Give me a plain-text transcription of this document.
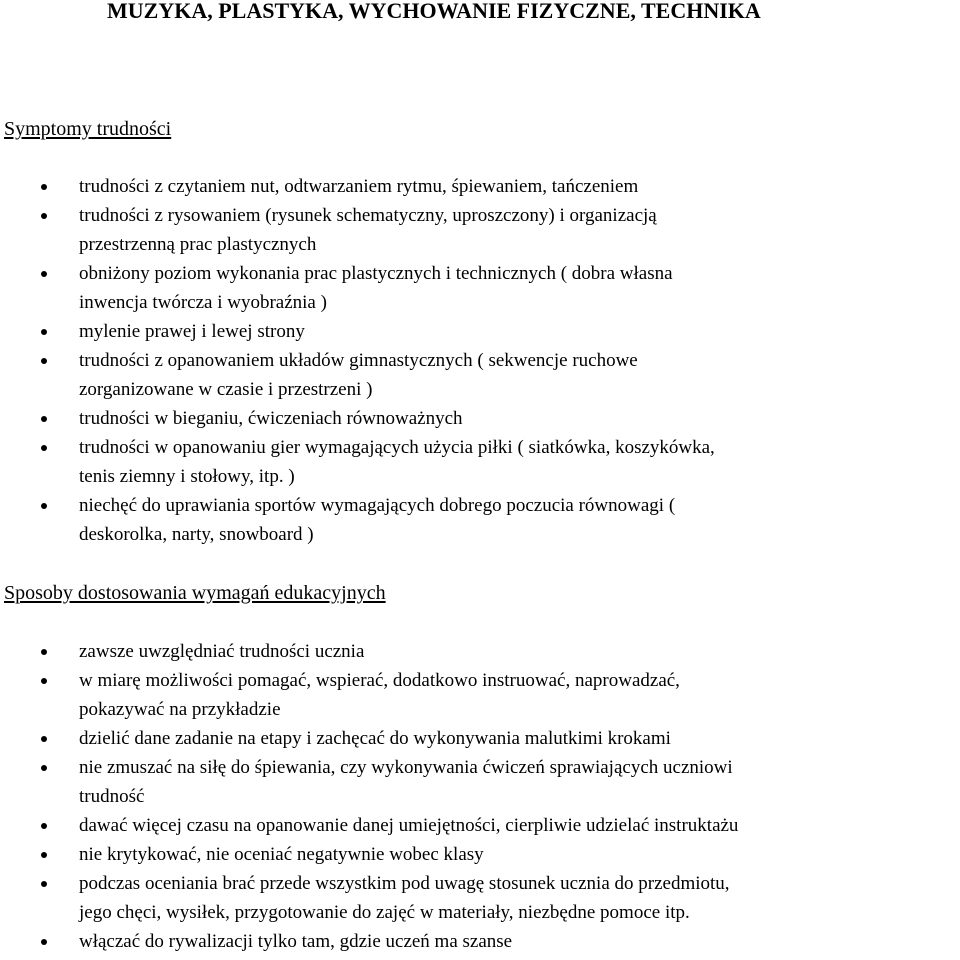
MUZYKA, PLASTYKA, WYCHOWANIE FIZYCZNE, TECHNIKA
Symptomy trudności
trudności z czytaniem nut, odtwarzaniem rytmu, śpiewaniem, tańczeniem
trudności z rysowaniem (rysunek schematyczny, uproszczony) i organizacją
przestrzenną prac plastycznych
obniżony poziom wykonania prac plastycznych i technicznych ( dobra własna
inwencja twórcza i wyobraźnia )
mylenie prawej i lewej strony
trudności z opanowaniem układów gimnastycznych ( sekwencje ruchowe
zorganizowane w czasie i przestrzeni )
trudności w bieganiu, ćwiczeniach równoważnych
trudności w opanowaniu gier wymagających użycia piłki ( siatkówka, koszykówka,
tenis ziemny i stołowy, itp. )
niechęć do uprawiania sportów wymagających dobrego poczucia równowagi (
deskorolka, narty, snowboard )
Sposoby dostosowania wymagań edukacyjnych
zawsze uwzględniać trudności ucznia
w miarę możliwości pomagać, wspierać, dodatkowo instruować, naprowadzać,
pokazywać na przykładzie
dzielić dane zadanie na etapy i zachęcać do wykonywania malutkimi krokami
nie zmuszać na siłę do śpiewania, czy wykonywania ćwiczeń sprawiających uczniowi
trudność
dawać więcej czasu na opanowanie danej umiejętności, cierpliwie udzielać instruktażu
nie krytykować, nie oceniać negatywnie wobec klasy
podczas oceniania brać przede wszystkim pod uwagę stosunek ucznia do przedmiotu,
jego chęci, wysiłek, przygotowanie do zajęć w materiały, niezbędne pomoce itp.
włączać do rywalizacji tylko tam, gdzie uczeń ma szanse
